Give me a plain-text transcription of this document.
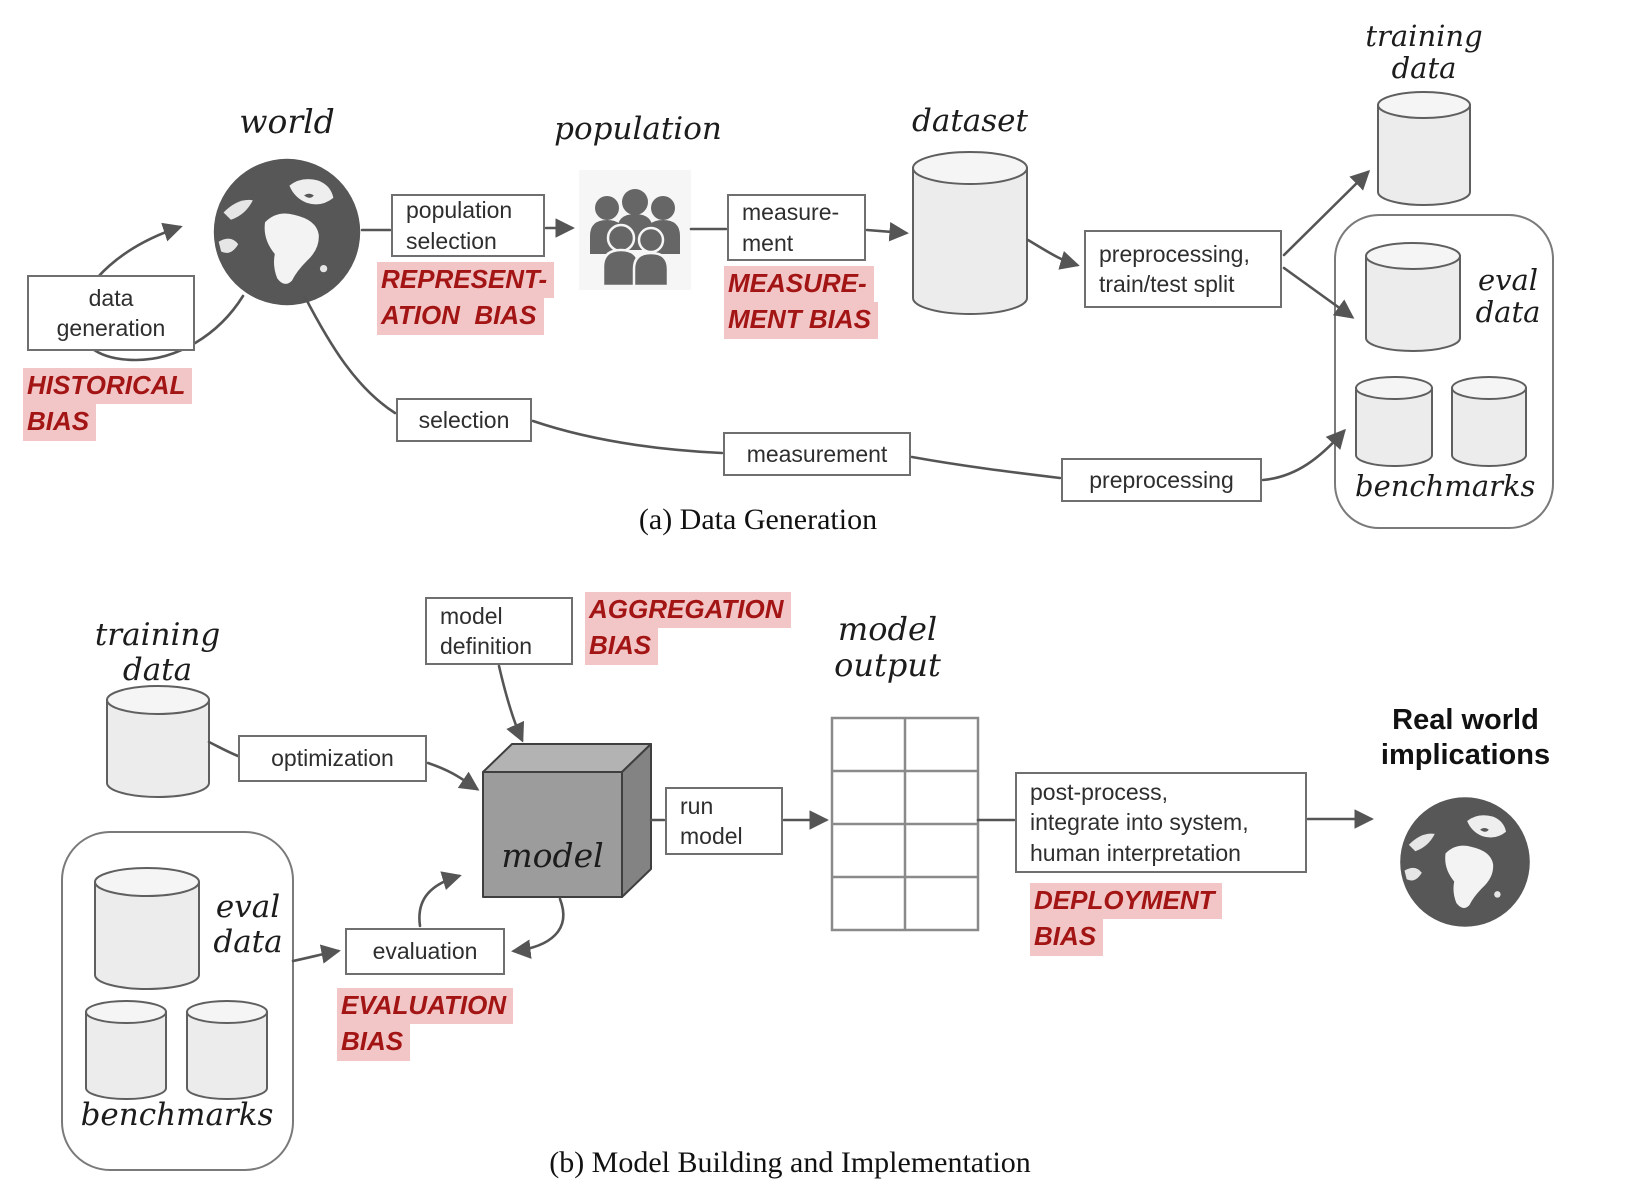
world
data
generation
HISTORICAL
BIAS
population
selection
REPRESENT-
ATION  BIAS
population
measure-
ment
MEASURE-
MENT BIAS
dataset
preprocessing,
train/test split
training
data
eval
data
benchmarks
selection
measurement
preprocessing
(a) Data Generation
training
data
optimization
model
definition
AGGREGATION
BIAS
model
run
model
model
output
post-process,
integrate into system,
human interpretation
DEPLOYMENT
BIAS
Real world
implications
eval
data
benchmarks
evaluation
EVALUATION
BIAS
(b) Model Building and Implementation
